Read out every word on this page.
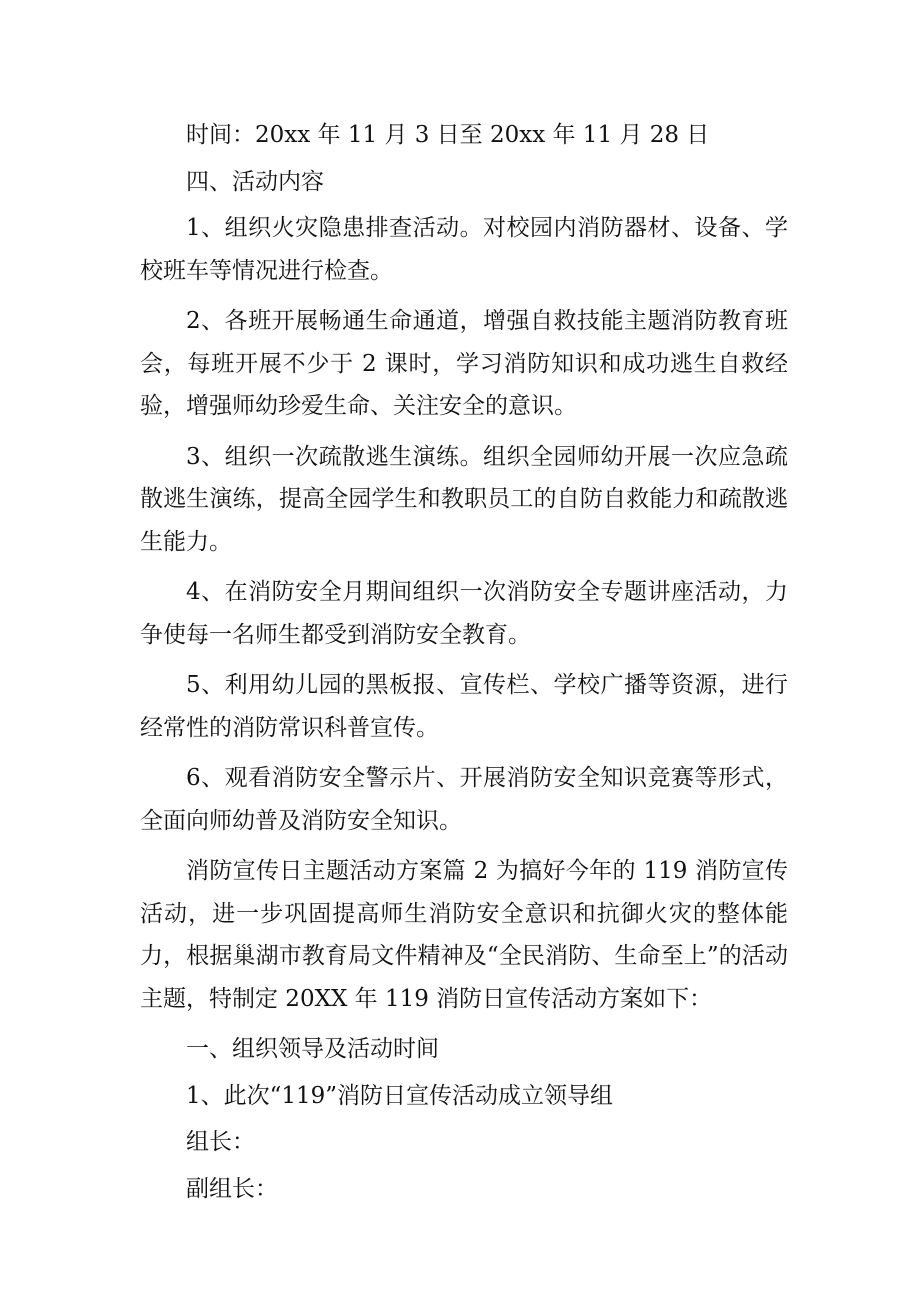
时间：20xx 年 11 月 3 日至 20xx 年 11 月 28 日

四、活动内容

1、组织火灾隐患排查活动。对校园内消防器材、设备、学校班车等情况进行检查。

2、各班开展畅通生命通道，增强自救技能主题消防教育班会，每班开展不少于 2 课时，学习消防知识和成功逃生自救经验，增强师幼珍爱生命、关注安全的意识。

3、组织一次疏散逃生演练。组织全园师幼开展一次应急疏散逃生演练，提高全园学生和教职员工的自防自救能力和疏散逃生能力。

4、在消防安全月期间组织一次消防安全专题讲座活动，力争使每一名师生都受到消防安全教育。

5、利用幼儿园的黑板报、宣传栏、学校广播等资源，进行经常性的消防常识科普宣传。

6、观看消防安全警示片、开展消防安全知识竞赛等形式，全面向师幼普及消防安全知识。

消防宣传日主题活动方案篇 2 为搞好今年的 119 消防宣传活动，进一步巩固提高师生消防安全意识和抗御火灾的整体能力，根据巢湖市教育局文件精神及“全民消防、生命至上”的活动主题，特制定 20XX 年 119 消防日宣传活动方案如下：

一、组织领导及活动时间

1、此次“119”消防日宣传活动成立领导组

组长：

副组长：
